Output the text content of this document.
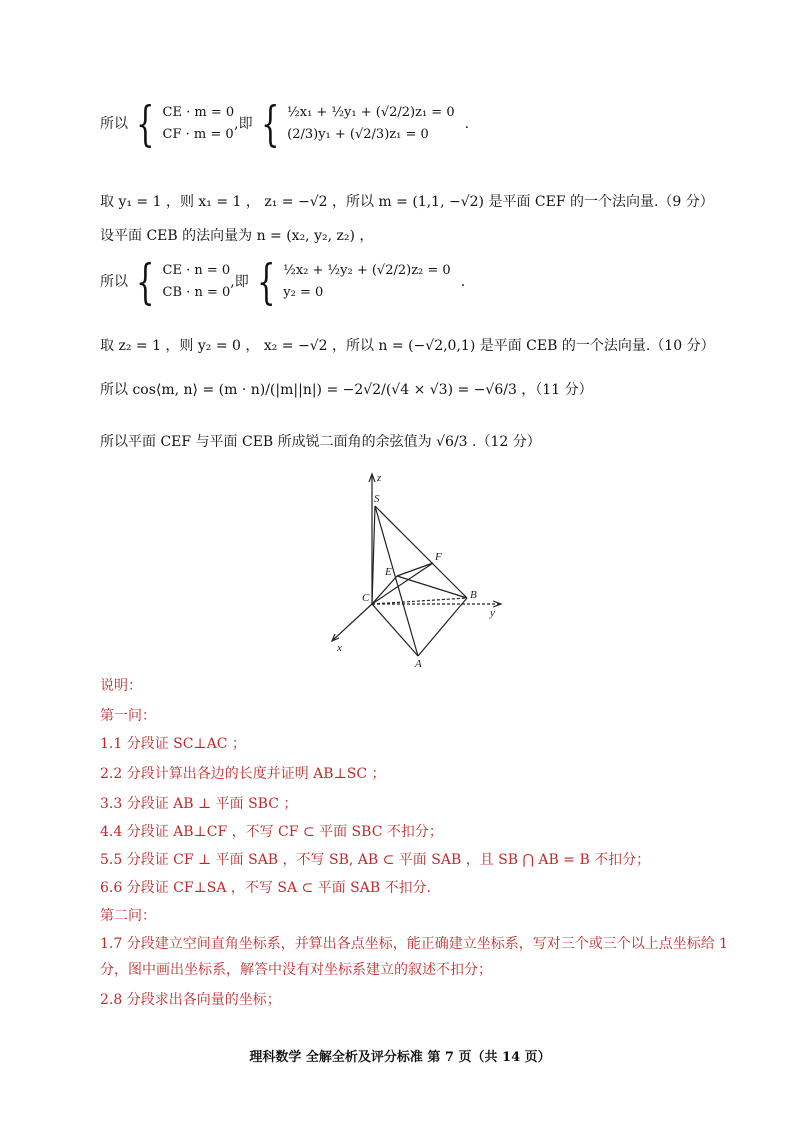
所以 { CE · m = 0
CF · m = 0
,即 { ½x₁ + ½y₁ + (√2/2)z₁ = 0
(2/3)y₁ + (√2/3)z₁ = 0
.
取 y₁ = 1 ，则 x₁ = 1 ， z₁ = −√2 ，所以 m = (1,1, −√2) 是平面 CEF 的一个法向量.（9 分）
设平面 CEB 的法向量为 n = (x₂, y₂, z₂) ，
所以 { CE · n = 0
CB · n = 0
,即 { ½x₂ + ½y₂ + (√2/2)z₂ = 0
y₂ = 0
.
取 z₂ = 1 ，则 y₂ = 0 ， x₂ = −√2 ，所以 n = (−√2,0,1) 是平面 CEB 的一个法向量.（10 分）
所以 cos⟨m, n⟩ = (m · n)/(|m||n|) = −2√2/(√4 × √3) = −√6/3 ，（11 分）
所以平面 CEF 与平面 CEB 所成锐二面角的余弦值为 √6/3 .（12 分）
z
S
F
E
C	B
y
x
A
说明：
第一问：
1.1 分段证 SC⊥AC ；
2.2 分段计算出各边的长度并证明 AB⊥SC ；
3.3 分段证 AB ⊥ 平面 SBC ；
4.4 分段证 AB⊥CF ，不写 CF ⊂ 平面 SBC 不扣分；
5.5 分段证 CF ⊥ 平面 SAB ，不写 SB, AB ⊂ 平面 SAB ，且 SB ⋂ AB = B 不扣分；
6.6 分段证 CF⊥SA ，不写 SA ⊂ 平面 SAB 不扣分.
第二问：
1.7 分段建立空间直角坐标系，并算出各点坐标，能正确建立坐标系，写对三个或三个以上点坐标给 1
分，图中画出坐标系，解答中没有对坐标系建立的叙述不扣分；
2.8 分段求出各向量的坐标；
理科数学 全解全析及评分标准 第 7 页（共 14 页）
